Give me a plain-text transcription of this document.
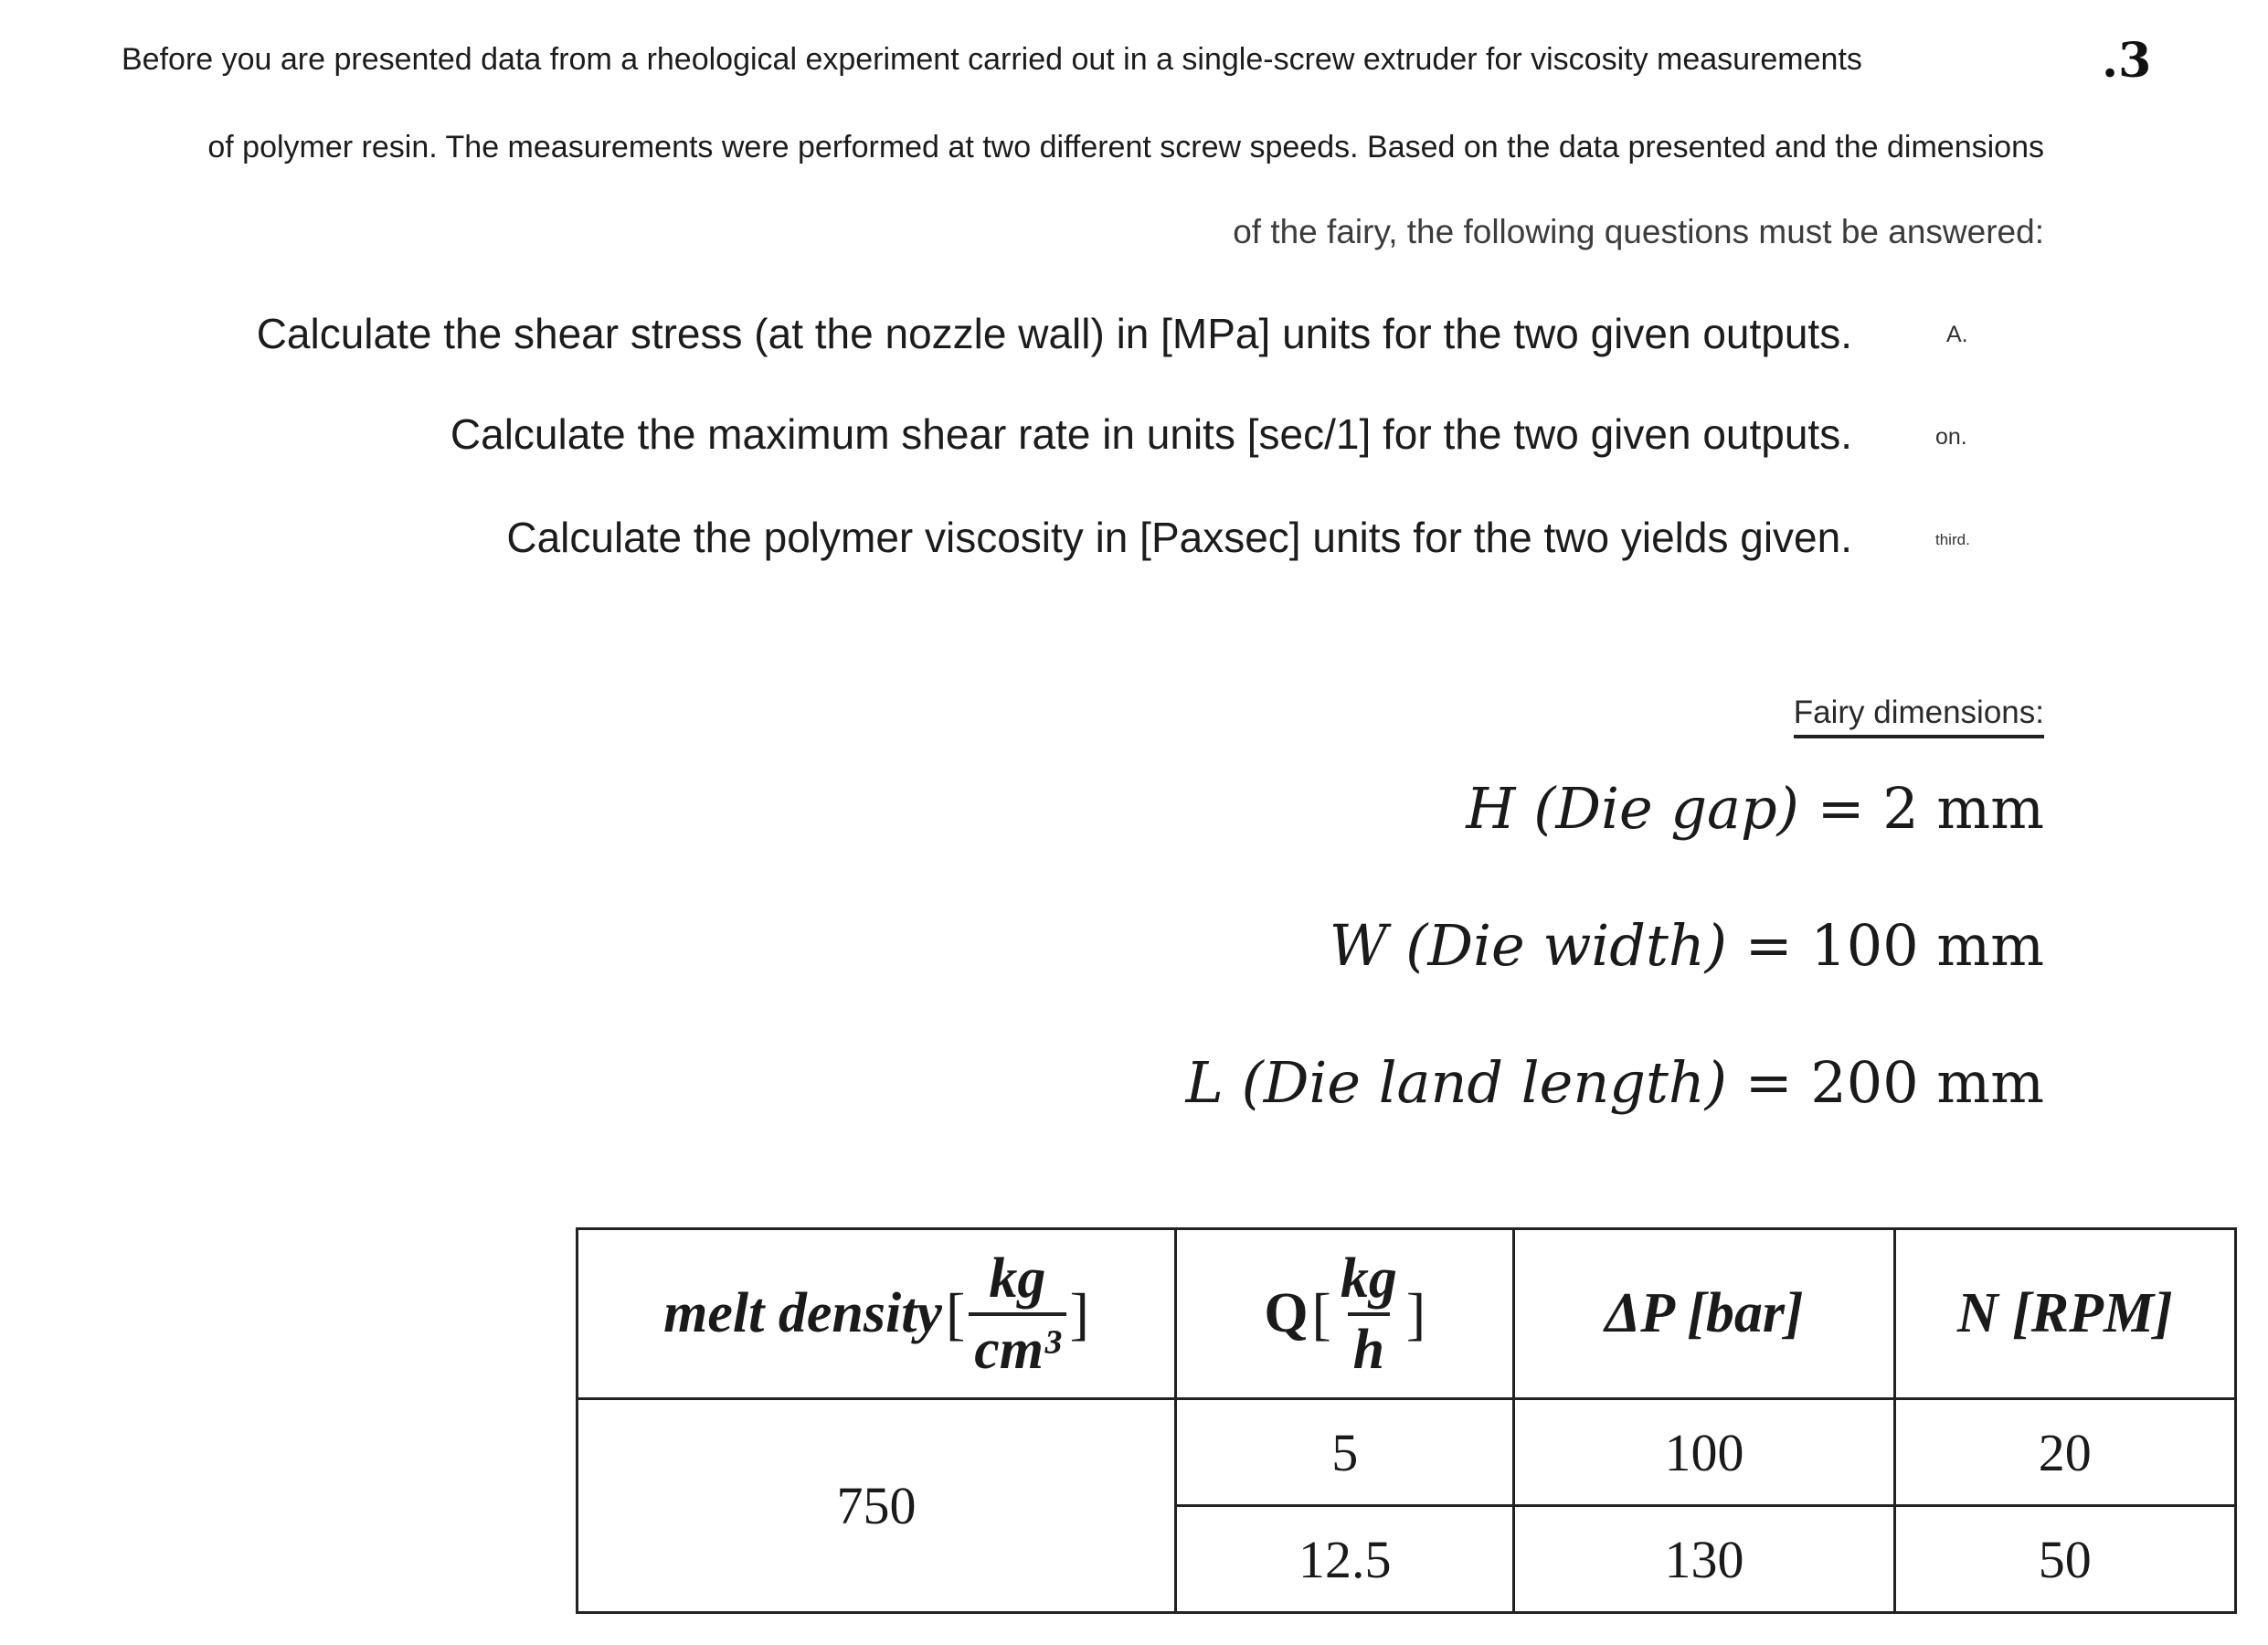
Before you are presented data from a rheological experiment carried out in a single-screw extruder for viscosity measurements	.3
of polymer resin. The measurements were performed at two different screw speeds. Based on the data presented and the dimensions
of the fairy, the following questions must be answered:
Calculate the shear stress (at the nozzle wall) in [MPa] units for the two given outputs.	A.
Calculate the maximum shear rate in units [sec/1] for the two given outputs.	on.
Calculate the polymer viscosity in [Paxsec] units for the two yields given.	third.
Fairy dimensions:
H (Die gap) = 2 mm
W (Die width) = 100 mm
L (Die land length) = 200 mm
melt density [ $\frac{kg}{\text{cm³}}$ ]	Q [ $\frac{kg}{h}$ ]	ΔP [bar]	N [RPM]
750	5	100	20
	12.5	130	50
